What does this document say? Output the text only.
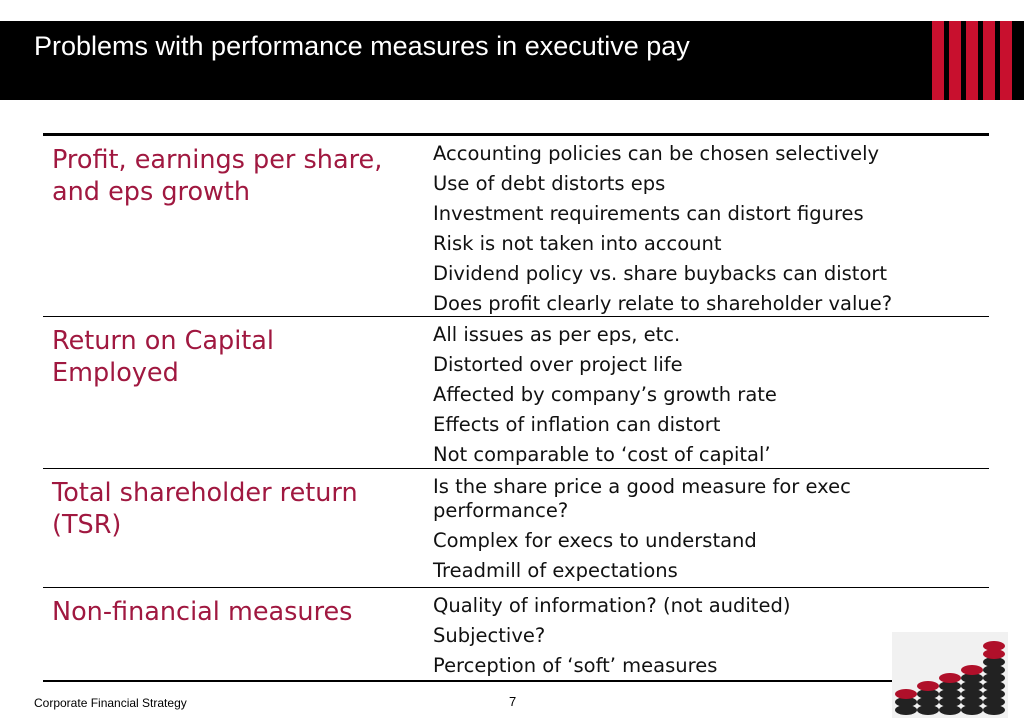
Problems with performance measures in executive pay
Profit, earnings per share, and eps growth
Accounting policies can be chosen selectively
Use of debt distorts eps
Investment requirements can distort figures
Risk is not taken into account
Dividend policy vs. share buybacks can distort
Does profit clearly relate to shareholder value?
Return on Capital Employed
All issues as per eps, etc.
Distorted over project life
Affected by company’s growth rate
Effects of inflation can distort
Not comparable to ‘cost of capital’
Total shareholder return (TSR)
Is the share price a good measure for exec performance?
Complex for execs to understand
Treadmill of expectations
Non-financial measures	Quality of information? (not audited)
Subjective?
Perception of ‘soft’ measures
Corporate Financial Strategy	7
